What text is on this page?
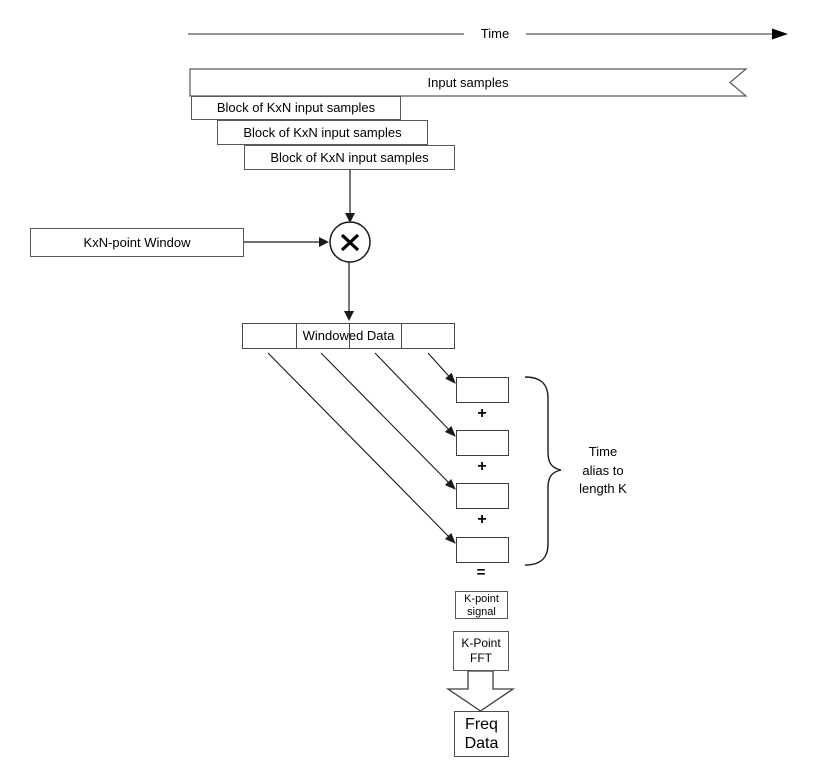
Time
Input samples
Block of KxN input samples
Block of KxN input samples
Block of KxN input samples
KxN-point Window
Windowed Data
+
+
+
=
Time
alias to
length K
K-point
signal
K-Point
FFT
Freq
Data
